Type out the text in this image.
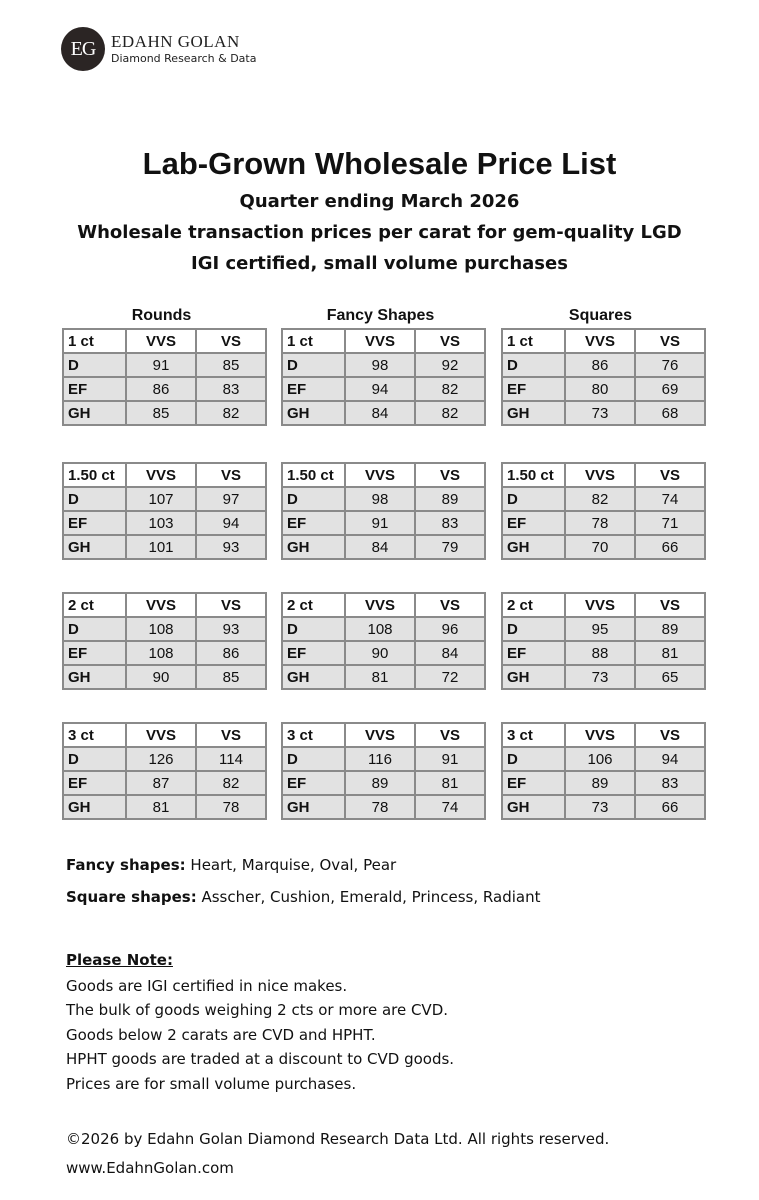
EG EDAHN GOLAN
Diamond Research & Data
Lab-Grown Wholesale Price List
Quarter ending March 2026
Wholesale transaction prices per carat for gem-quality LGD
IGI certified, small volume purchases
Rounds	Fancy Shapes	Squares
1 ct	VVS	VS
D	91	85
EF	86	83
GH	85	82
1.50 ct	VVS	VS
D	107	97
EF	103	94
GH	101	93
2 ct	VVS	VS
D	108	93
EF	108	86
GH	90	85
3 ct	VVS	VS
D	126	114
EF	87	82
GH	81	78
1 ct	VVS	VS
D	98	92
EF	94	82
GH	84	82
1.50 ct	VVS	VS
D	98	89
EF	91	83
GH	84	79
2 ct	VVS	VS
D	108	96
EF	90	84
GH	81	72
3 ct	VVS	VS
D	116	91
EF	89	81
GH	78	74
1 ct	VVS	VS
D	86	76
EF	80	69
GH	73	68
1.50 ct	VVS	VS
D	82	74
EF	78	71
GH	70	66
2 ct	VVS	VS
D	95	89
EF	88	81
GH	73	65
3 ct	VVS	VS
D	106	94
EF	89	83
GH	73	66
Fancy shapes: Heart, Marquise, Oval, Pear
Square shapes: Asscher, Cushion, Emerald, Princess, Radiant
Please Note:
Goods are IGI certified in nice makes.
The bulk of goods weighing 2 cts or more are CVD.
Goods below 2 carats are CVD and HPHT.
HPHT goods are traded at a discount to CVD goods.
Prices are for small volume purchases.
©2026 by Edahn Golan Diamond Research Data Ltd. All rights reserved.
www.EdahnGolan.com
